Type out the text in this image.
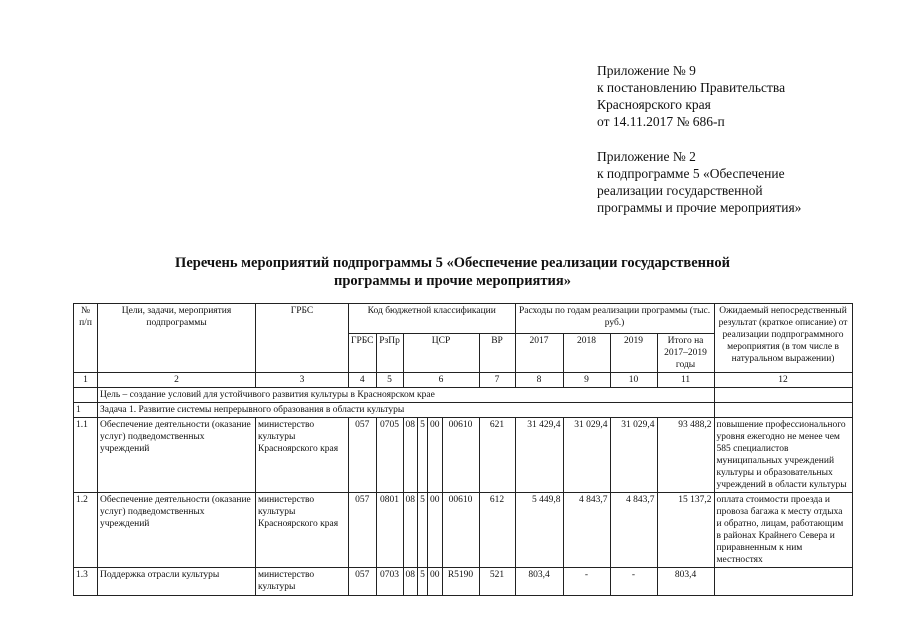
Приложение № 9
к постановлению Правительства
Красноярского края
от 14.11.2017 № 686-п
Приложение № 2
к подпрограмме 5 «Обеспечение
реализации государственной
программы и прочие мероприятия»
Перечень мероприятий подпрограммы 5 «Обеспечение реализации государственной
программы и прочие мероприятия»
№ п/п	Цели, задачи, мероприятия подпрограммы	ГРБС	Код бюджетной классификации							Расходы по годам реализации программы (тыс. руб.)				Ожидаемый непосредственный результат (краткое описание) от реализации подпрограммного мероприятия (в том числе в натуральном выражении)
			ГРБС	РзПр	ЦСР				ВР	2017	2018	2019	Итого на 2017–2019 годы	
1	2	3	4	5	6				7	8	9	10	11	12
	Цель – создание условий для устойчивого развития культуры в Красноярском крае													
1	Задача 1. Развитие системы непрерывного образования в области культуры													
1.1	Обеспечение деятельности (оказание услуг) подведомственных учреждений	министерство культуры Красноярского края	057	0705	08	5	00	00610	621	31 429,4	31 029,4	31 029,4	93 488,2	повышение профессионального уровня ежегодно не менее чем 585 специалистов муниципальных учреждений культуры и образовательных учреждений в области культуры
1.2	Обеспечение деятельности (оказание услуг) подведомственных учреждений	министерство культуры Красноярского края	057	0801	08	5	00	00610	612	5 449,8	4 843,7	4 843,7	15 137,2	оплата стоимости проезда и провоза багажа к месту отдыха и обратно, лицам, работающим в районах Крайнего Севера и приравненным к ним местностях
1.3	Поддержка отрасли культуры	министерство культуры	057	0703	08	5	00	R5190	521	803,4	-	-	803,4	
